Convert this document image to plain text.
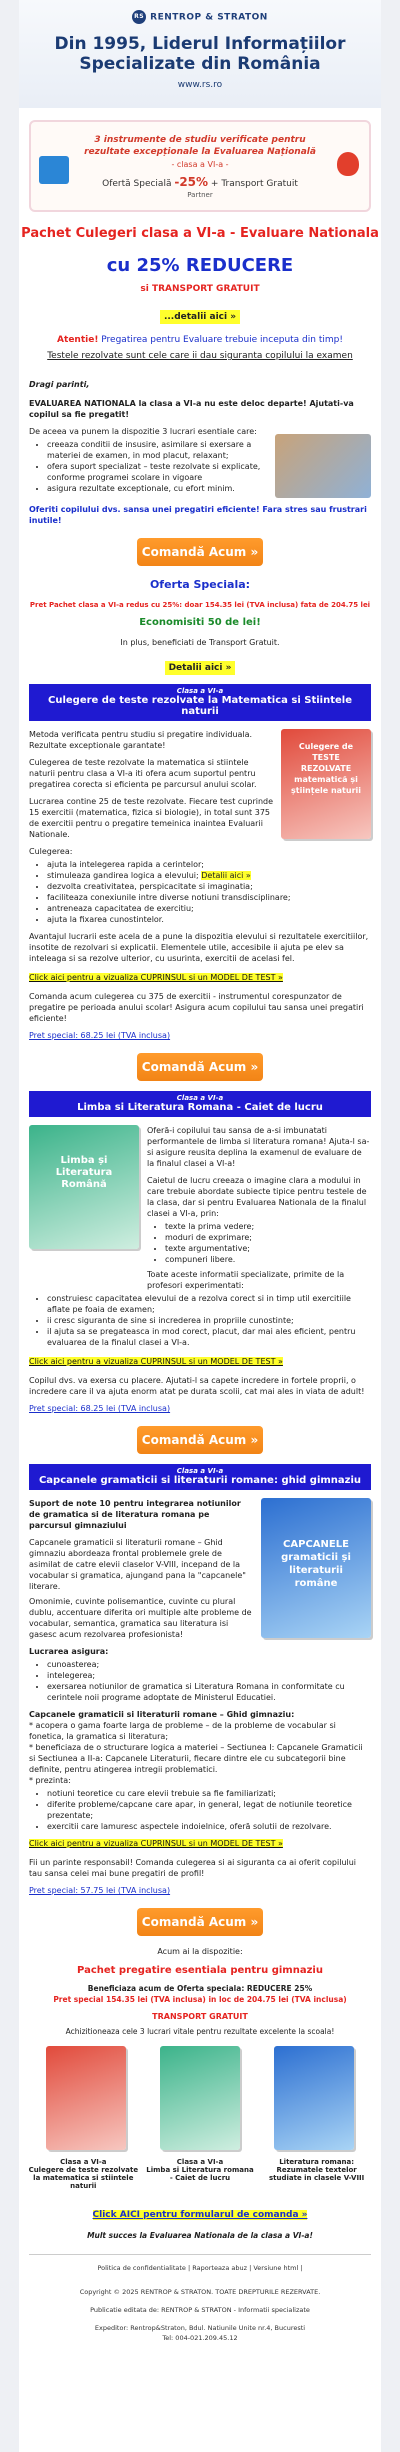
RS RENTROP & STRATON
Din 1995, Liderul Informațiilor
Specializate din România
www.rs.ro
3 instrumente de studiu verificate pentru
rezultate excepționale la Evaluarea Națională
- clasa a VI-a -
Ofertă Specială -25% + Transport Gratuit
Partner
Pachet Culegeri clasa a VI-a - Evaluare Nationala
cu 25% REDUCERE
si TRANSPORT GRATUIT
...detalii aici »
Atentie! Pregatirea pentru Evaluare trebuie inceputa din timp!
Testele rezolvate sunt cele care ii dau siguranta copilului la examen
Dragi parinti,
EVALUAREA NATIONALA la clasa a VI-a nu este deloc departe! Ajutati-va copilul sa fie pregatit!
De aceea va punem la dispozitie 3 lucrari esentiale care:
• creeaza conditii de insusire, asimilare si exersare a materiei de examen, in mod placut, relaxant;
• ofera suport specializat – teste rezolvate si explicate, conforme programei scolare in vigoare
• asigura rezultate exceptionale, cu efort minim.
Oferiti copilului dvs. sansa unei pregatiri eficiente! Fara stres sau frustrari inutile!
Comandă Acum »
Oferta Speciala:
Pret Pachet clasa a VI-a redus cu 25%: doar 154.35 lei (TVA inclusa) fata de 204.75 lei
Economisiti 50 de lei!
In plus, beneficiati de Transport Gratuit.
Detalii aici »
Clasa a VI-a
Culegere de teste rezolvate la Matematica si Stiintele naturii
Metoda verificata pentru studiu si pregatire individuala. Rezultate exceptionale garantate!
Culegerea de teste rezolvate la matematica si stiintele naturii pentru clasa a VI-a iti ofera acum suportul pentru pregatirea corecta si eficienta pe parcursul anului scolar.
Lucrarea contine 25 de teste rezolvate. Fiecare test cuprinde 15 exercitii (matematica, fizica si biologie), in total sunt 375 de exercitii pentru o pregatire temeinica inaintea Evaluarii Nationale.
Culegere de TESTE REZOLVATE matematică și științele naturii
Culegerea:
• ajuta la intelegerea rapida a cerintelor;
• stimuleaza gandirea logica a elevului; Detalii aici »
• dezvolta creativitatea, perspicacitate si imaginatia;
• faciliteaza conexiunile intre diverse notiuni transdisciplinare;
• antreneaza capacitatea de exercitiu;
• ajuta la fixarea cunostintelor.
Avantajul lucrarii este acela de a pune la dispozitia elevului si rezultatele exercitiilor, insotite de rezolvari si explicatii. Elementele utile, accesibile ii ajuta pe elev sa inteleaga si sa rezolve ulterior, cu usurinta, exercitii de acelasi fel.
Click aici pentru a vizualiza CUPRINSUL si un MODEL DE TEST »
Comanda acum culegerea cu 375 de exercitii - instrumentul corespunzator de pregatire pe perioada anului scolar! Asigura acum copilului tau sansa unei pregatiri eficiente!
Pret special: 68.25 lei (TVA inclusa)
Comandă Acum »
Clasa a VI-a
Limba si Literatura Romana - Caiet de lucru
Limba și Literatura Română
Oferă-i copilului tau sansa de a-si imbunatati performantele de limba si literatura romana! Ajuta-l sa-si asigure reusita deplina la examenul de evaluare de la finalul clasei a VI-a!
Caietul de lucru creeaza o imagine clara a modului in care trebuie abordate subiecte tipice pentru testele de la clasa, dar si pentru Evaluarea Nationala de la finalul clasei a VI-a, prin:
• texte la prima vedere;
• moduri de exprimare;
• texte argumentative;
• compuneri libere.
Toate aceste informatii specializate, primite de la profesori experimentati:
• construiesc capacitatea elevului de a rezolva corect si in timp util exercitiile aflate pe foaia de examen;
• ii cresc siguranta de sine si increderea in propriile cunostinte;
• il ajuta sa se pregateasca in mod corect, placut, dar mai ales eficient, pentru evaluarea de la finalul clasei a VI-a.
Click aici pentru a vizualiza CUPRINSUL si un MODEL DE TEST »
Copilul dvs. va exersa cu placere. Ajutati-l sa capete incredere in fortele proprii, o incredere care il va ajuta enorm atat pe durata scolii, cat mai ales in viata de adult!
Pret special: 68.25 lei (TVA inclusa)
Comandă Acum »
Clasa a VI-a
Capcanele gramaticii si literaturii romane: ghid gimnaziu
Suport de note 10 pentru integrarea notiunilor de gramatica si de literatura romana pe parcursul gimnaziului
Capcanele gramaticii si literaturii romane – Ghid gimnaziu abordeaza frontal problemele grele de asimilat de catre elevii claselor V-VIII, incepand de la vocabular si gramatica, ajungand pana la "capcanele" literare.
Omonimie, cuvinte polisemantice, cuvinte cu plural dublu, accentuare diferita ori multiple alte probleme de vocabular, semantica, gramatica sau literatura isi gasesc acum rezolvarea profesionista!
CAPCANELE gramaticii și literaturii române
Lucrarea asigura:
• cunoasterea;
• intelegerea;
• exersarea notiunilor de gramatica si Literatura Romana in conformitate cu cerintele noii programe adoptate de Ministerul Educatiei.
Capcanele gramaticii si literaturii romane – Ghid gimnaziu:
* acopera o gama foarte larga de probleme – de la probleme de vocabular si fonetica, la gramatica si literatura;
* beneficiaza de o structurare logica a materiei – Sectiunea I: Capcanele Gramaticii si Sectiunea a II-a: Capcanele Literaturii, fiecare dintre ele cu subcategorii bine definite, pentru atingerea intregii problematici.
* prezinta:
• notiuni teoretice cu care elevii trebuie sa fie familiarizati;
• diferite probleme/capcane care apar, in general, legat de notiunile teoretice prezentate;
• exercitii care lamuresc aspectele indoielnice, oferă solutii de rezolvare.
Click aici pentru a vizualiza CUPRINSUL si un MODEL DE TEST »
Fii un parinte responsabil! Comanda culegerea si ai siguranta ca ai oferit copilului tau sansa celei mai bune pregatiri de profil!
Pret special: 57.75 lei (TVA inclusa)
Comandă Acum »
Acum ai la dispozitie:
Pachet pregatire esentiala pentru gimnaziu
Beneficiaza acum de Oferta speciala: REDUCERE 25%
Pret special 154.35 lei (TVA inclusa) in loc de 204.75 lei (TVA inclusa)
TRANSPORT GRATUIT
Achizitioneaza cele 3 lucrari vitale pentru rezultate excelente la scoala!
Clasa a VI-a
Culegere de teste rezolvate la matematica si stiintele naturii
Clasa a VI-a
Limba si Literatura romana - Caiet de lucru
Literatura romana:
Rezumatele textelor studiate in clasele V-VIII
Click AICI pentru formularul de comanda »
Mult succes la Evaluarea Nationala de la clasa a VI-a!
Politica de confidentialitate | Raporteaza abuz | Versiune html |
Copyright © 2025 RENTROP & STRATON. TOATE DREPTURILE REZERVATE.
Publicatie editata de: RENTROP & STRATON - Informatii specializate
Expeditor: Rentrop&Straton, Bdul. Natiunile Unite nr.4, Bucuresti
Tel: 004-021.209.45.12
